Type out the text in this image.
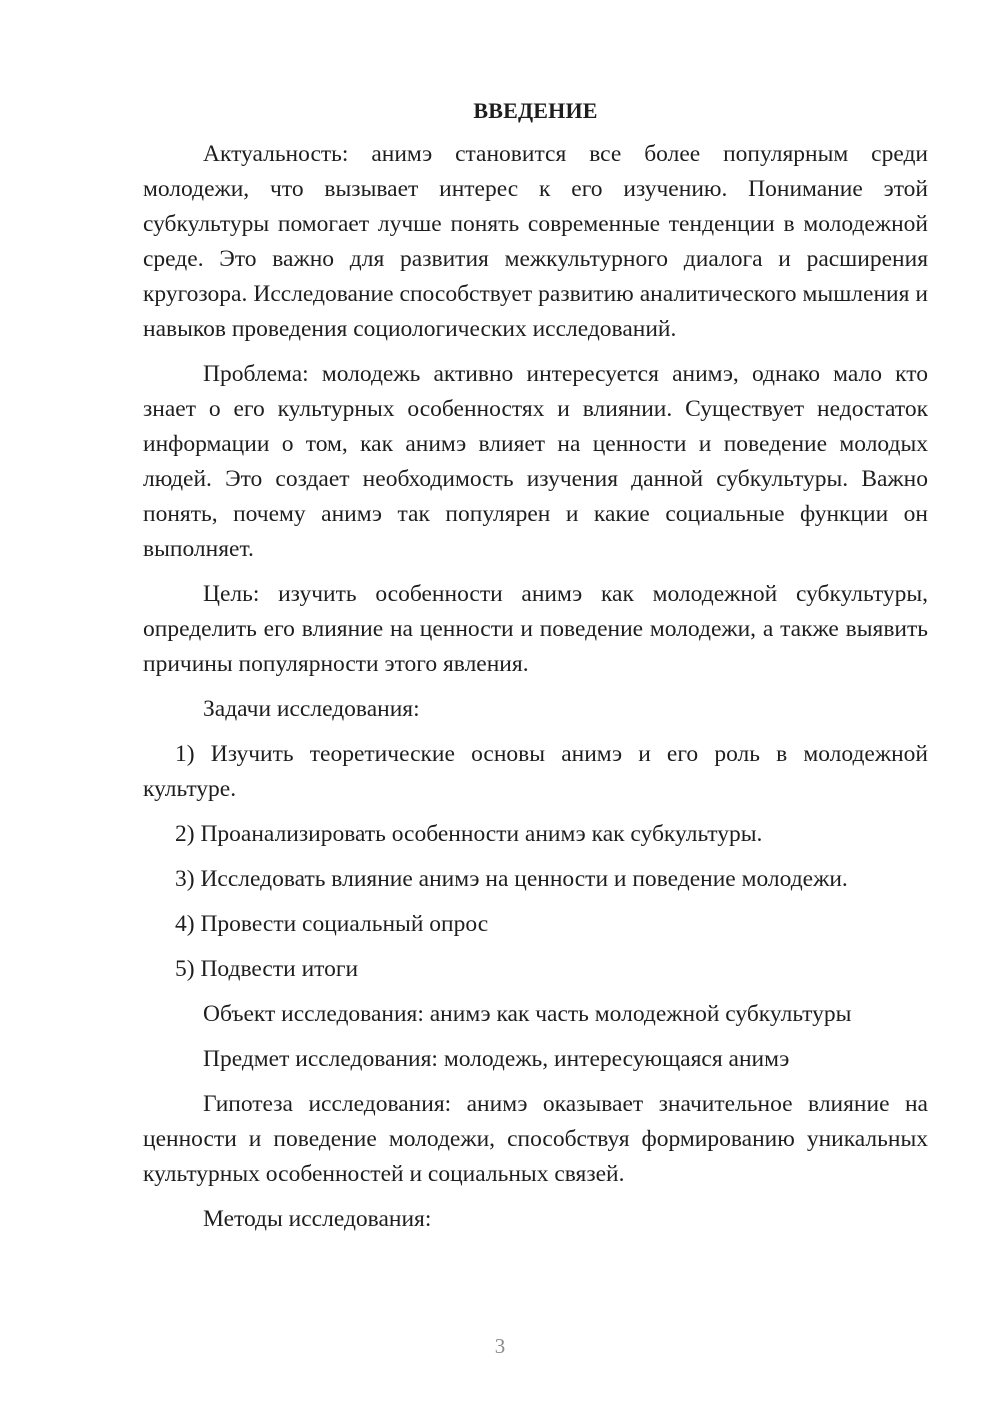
ВВЕДЕНИЕ

Актуальность: анимэ становится все более популярным среди молодежи, что вызывает интерес к его изучению. Понимание этой субкультуры помогает лучше понять современные тенденции в молодежной среде. Это важно для развития межкультурного диалога и расширения кругозора. Исследование способствует развитию аналитического мышления и навыков проведения социологических исследований.

Проблема: молодежь активно интересуется анимэ, однако мало кто знает о его культурных особенностях и влиянии. Существует недостаток информации о том, как анимэ влияет на ценности и поведение молодых людей. Это создает необходимость изучения данной субкультуры. Важно понять, почему анимэ так популярен и какие социальные функции он выполняет.

Цель: изучить особенности анимэ как молодежной субкультуры, определить его влияние на ценности и поведение молодежи, а также выявить причины популярности этого явления.

Задачи исследования:

1) Изучить теоретические основы анимэ и его роль в молодежной культуре.

2) Проанализировать особенности анимэ как субкультуры.

3) Исследовать влияние анимэ на ценности и поведение молодежи.

4) Провести социальный опрос

5) Подвести итоги

Объект исследования: анимэ как часть молодежной субкультуры

Предмет исследования: молодежь, интересующаяся анимэ

Гипотеза исследования: анимэ оказывает значительное влияние на ценности и поведение молодежи, способствуя формированию уникальных культурных особенностей и социальных связей.

Методы исследования:

3
